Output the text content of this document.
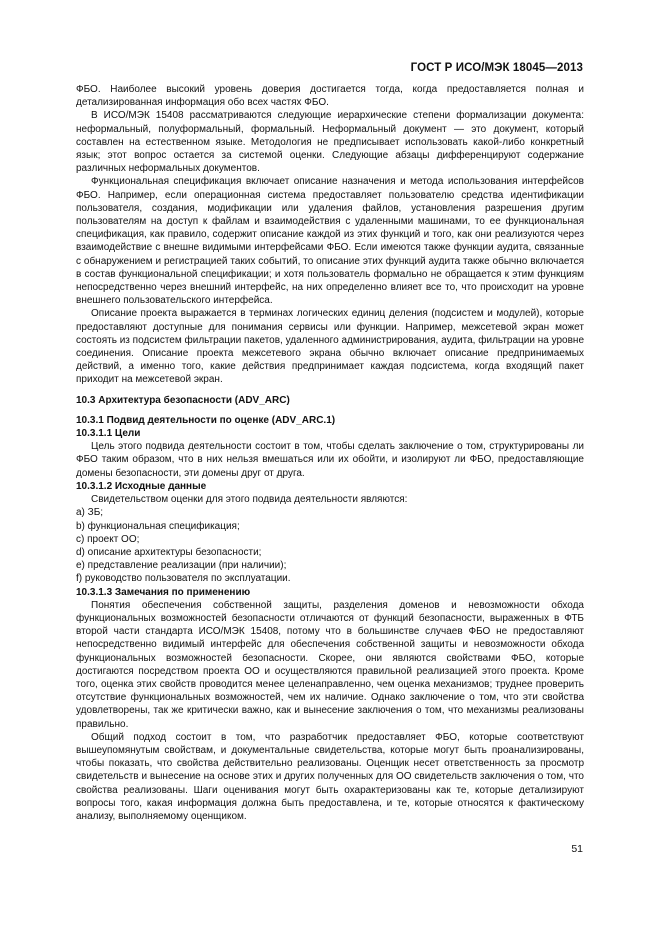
ГОСТ Р ИСО/МЭК 18045—2013

ФБО. Наиболее высокий уровень доверия достигается тогда, когда предоставляется полная и детализированная информация обо всех частях ФБО.

В ИСО/МЭК 15408 рассматриваются следующие иерархические степени формализации документа: неформальный, полуформальный, формальный. Неформальный документ — это документ, который составлен на естественном языке. Методология не предписывает использовать какой-либо конкретный язык; этот вопрос остается за системой оценки. Следующие абзацы дифференцируют содержание различных неформальных документов.

Функциональная спецификация включает описание назначения и метода использования интерфейсов ФБО. Например, если операционная система предоставляет пользователю средства идентификации пользователя, создания, модификации или удаления файлов, установления разрешения другим пользователям на доступ к файлам и взаимодействия с удаленными машинами, то ее функциональная спецификация, как правило, содержит описание каждой из этих функций и того, как они реализуются через взаимодействие с внешне видимыми интерфейсами ФБО. Если имеются также функции аудита, связанные с обнаружением и регистрацией таких событий, то описание этих функций аудита также обычно включается в состав функциональной спецификации; и хотя пользователь формально не обращается к этим функциям непосредственно через внешний интерфейс, на них определенно влияет все то, что происходит на уровне внешнего пользовательского интерфейса.

Описание проекта выражается в терминах логических единиц деления (подсистем и модулей), которые предоставляют доступные для понимания сервисы или функции. Например, межсетевой экран может состоять из подсистем фильтрации пакетов, удаленного администрирования, аудита, фильтрации на уровне соединения. Описание проекта межсетевого экрана обычно включает описание предпринимаемых действий, а именно того, какие действия предпринимает каждая подсистема, когда входящий пакет приходит на межсетевой экран.

10.3 Архитектура безопасности (ADV_ARC)

10.3.1 Подвид деятельности по оценке (ADV_ARC.1)

10.3.1.1 Цели

Цель этого подвида деятельности состоит в том, чтобы сделать заключение о том, структурированы ли ФБО таким образом, что в них нельзя вмешаться или их обойти, и изолируют ли ФБО, предоставляющие домены безопасности, эти домены друг от друга.

10.3.1.2 Исходные данные

Свидетельством оценки для этого подвида деятельности являются:

a) ЗБ;

b) функциональная спецификация;

c) проект ОО;

d) описание архитектуры безопасности;

e) представление реализации (при наличии);

f) руководство пользователя по эксплуатации.

10.3.1.3 Замечания по применению

Понятия обеспечения собственной защиты, разделения доменов и невозможности обхода функциональных возможностей безопасности отличаются от функций безопасности, выраженных в ФТБ второй части стандарта ИСО/МЭК 15408, потому что в большинстве случаев ФБО не предоставляют непосредственно видимый интерфейс для обеспечения собственной защиты и невозможности обхода функциональных возможностей безопасности. Скорее, они являются свойствами ФБО, которые достигаются посредством проекта ОО и осуществляются правильной реализацией этого проекта. Кроме того, оценка этих свойств проводится менее целенаправленно, чем оценка механизмов; труднее проверить отсутствие функциональных возможностей, чем их наличие. Однако заключение о том, что эти свойства удовлетворены, так же критически важно, как и вынесение заключения о том, что механизмы реализованы правильно.

Общий подход состоит в том, что разработчик предоставляет ФБО, которые соответствуют вышеупомянутым свойствам, и документальные свидетельства, которые могут быть проанализированы, чтобы показать, что свойства действительно реализованы. Оценщик несет ответственность за просмотр свидетельств и вынесение на основе этих и других полученных для ОО свидетельств заключения о том, что свойства реализованы. Шаги оценивания могут быть охарактеризованы как те, которые детализируют вопросы того, какая информация должна быть предоставлена, и те, которые относятся к фактическому анализу, выполняемому оценщиком.

51
